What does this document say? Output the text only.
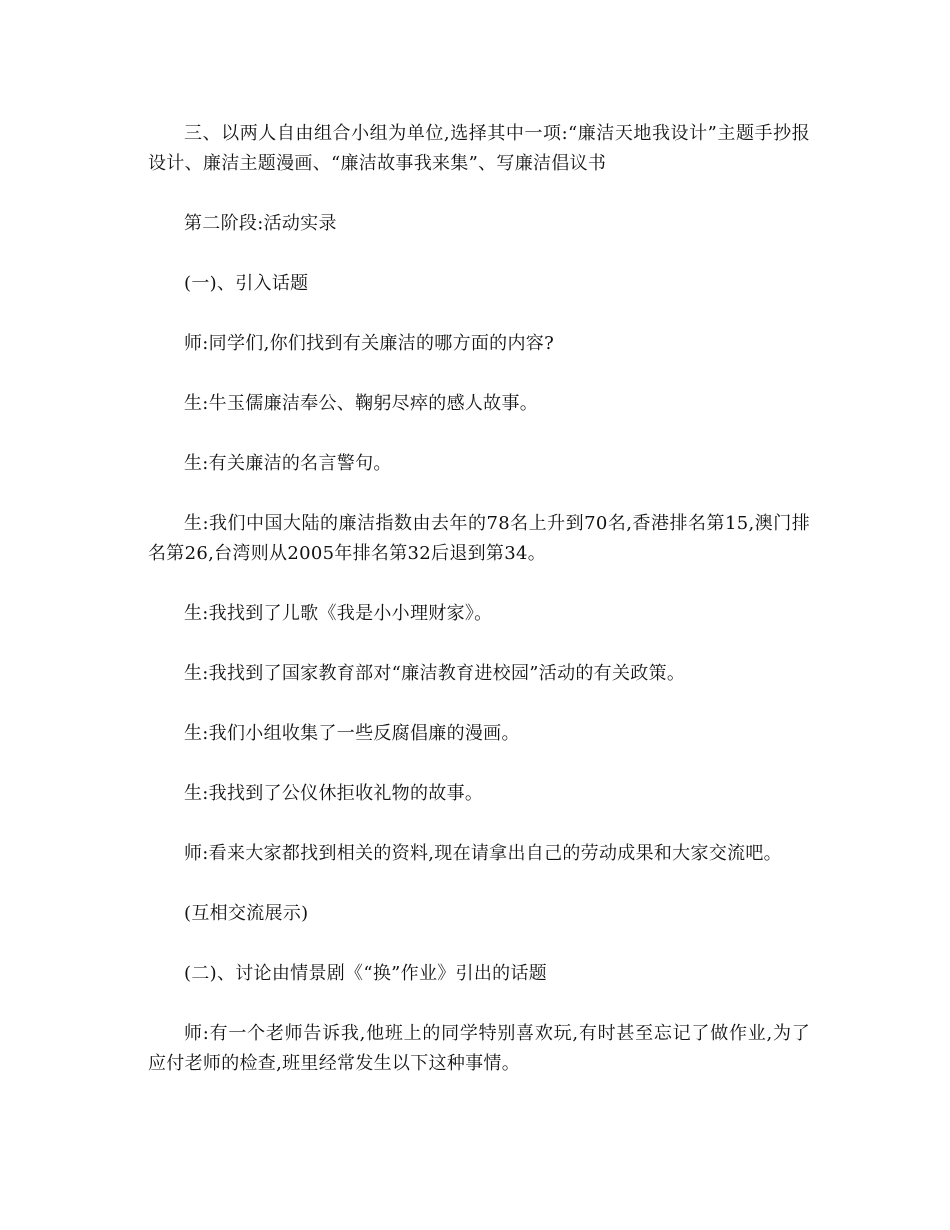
三、以两人自由组合小组为单位,选择其中一项:“廉洁天地我设计”主题手抄报设计、廉洁主题漫画、“廉洁故事我来集”、写廉洁倡议书

第二阶段:活动实录

(一)、引入话题

师:同学们,你们找到有关廉洁的哪方面的内容?

生:牛玉儒廉洁奉公、鞠躬尽瘁的感人故事。

生:有关廉洁的名言警句。

生:我们中国大陆的廉洁指数由去年的78名上升到70名,香港排名第15,澳门排名第26,台湾则从2005年排名第32后退到第34。

生:我找到了儿歌《我是小小理财家》。

生:我找到了国家教育部对“廉洁教育进校园”活动的有关政策。

生:我们小组收集了一些反腐倡廉的漫画。

生:我找到了公仪休拒收礼物的故事。

师:看来大家都找到相关的资料,现在请拿出自己的劳动成果和大家交流吧。

(互相交流展示)

(二)、讨论由情景剧《“换”作业》引出的话题

师:有一个老师告诉我,他班上的同学特别喜欢玩,有时甚至忘记了做作业,为了应付老师的检查,班里经常发生以下这种事情。
